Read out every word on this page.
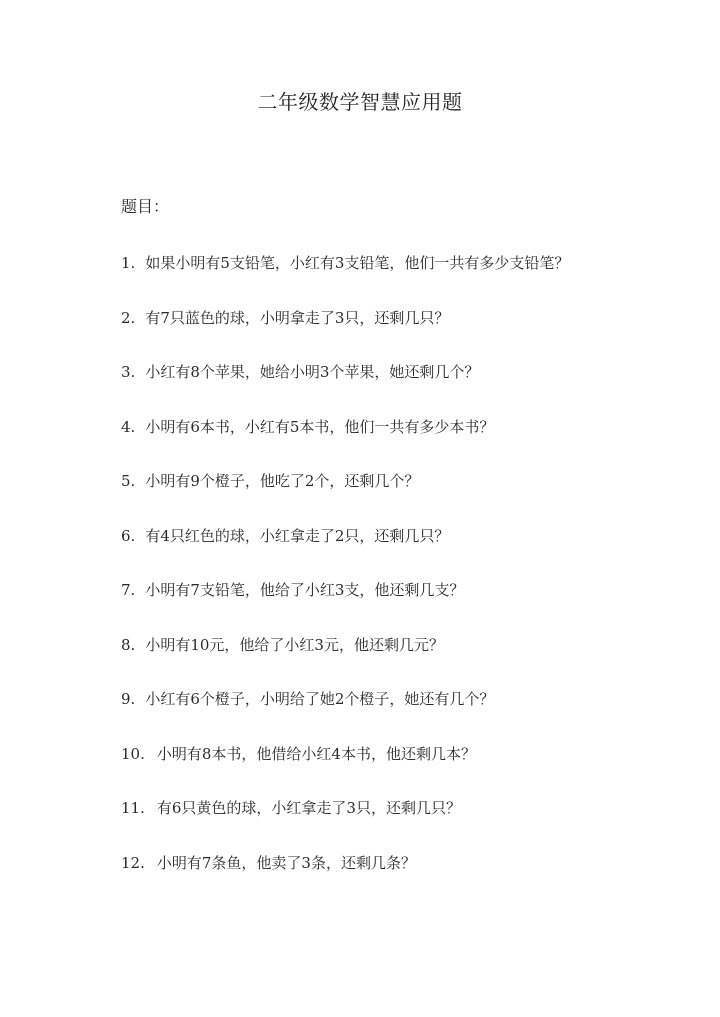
二年级数学智慧应用题
题目：
1. 如果小明有5支铅笔，小红有3支铅笔，他们一共有多少支铅笔？
2. 有7只蓝色的球，小明拿走了3只，还剩几只？
3. 小红有8个苹果，她给小明3个苹果，她还剩几个？
4. 小明有6本书，小红有5本书，他们一共有多少本书？
5. 小明有9个橙子，他吃了2个，还剩几个？
6. 有4只红色的球，小红拿走了2只，还剩几只？
7. 小明有7支铅笔，他给了小红3支，他还剩几支？
8. 小明有10元，他给了小红3元，他还剩几元？
9. 小红有6个橙子，小明给了她2个橙子，她还有几个？
10. 小明有8本书，他借给小红4本书，他还剩几本？
11. 有6只黄色的球，小红拿走了3只，还剩几只？
12. 小明有7条鱼，他卖了3条，还剩几条？
